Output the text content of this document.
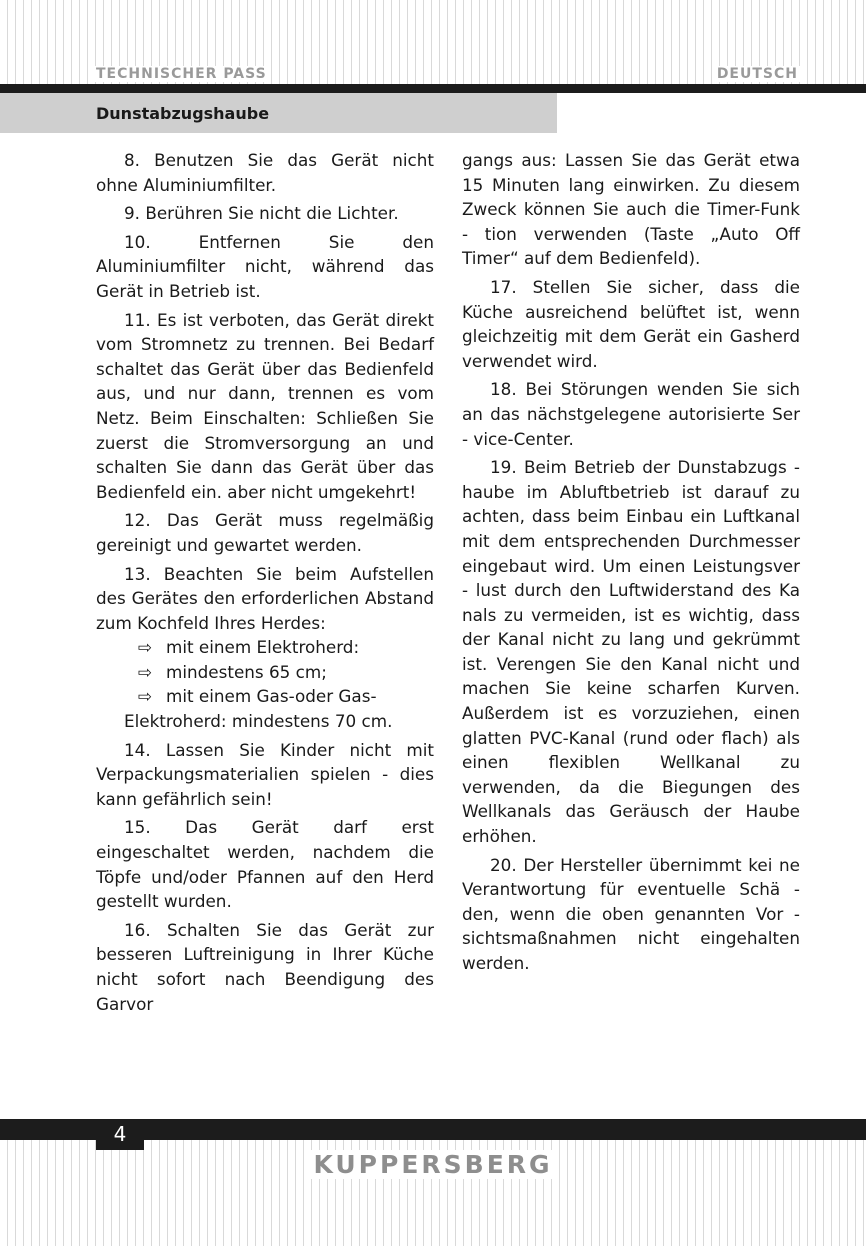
TECHNISCHER PASS	DEUTSCH
Dunstabzugshaube

8. Benutzen Sie das Gerät nicht ohne Aluminiumfilter.

9. Berühren Sie nicht die Lichter.

10. Entfernen Sie den Aluminiumfilter nicht, während das Gerät in Betrieb ist.

11. Es ist verboten, das Gerät direkt vom Stromnetz zu trennen. Bei Bedarf schaltet das Gerät über das Bedienfeld aus, und nur dann, trennen es vom Netz. Beim Einschalten: Schließen Sie zuerst die Stromversorgung an und schalten Sie dann das Gerät über das Bedienfeld ein. aber nicht umgekehrt!

12. Das Gerät muss regelmäßig gereinigt und gewartet werden.

13. Beachten Sie beim Aufstellen des Gerätes den erforderlichen Abstand zum Kochfeld Ihres Herdes:

⇨ mit einem Elektroherd:

⇨ mindestens 65 cm;

⇨ mit einem Gas-oder Gas-

Elektroherd: mindestens 70 cm.

14. Lassen Sie Kinder nicht mit Verpackungsmaterialien spielen - dies kann gefährlich sein!

15. Das Gerät darf erst eingeschaltet werden, nachdem die Töpfe und/oder Pfannen auf den Herd gestellt wurden.

16. Schalten Sie das Gerät zur besseren Luftreinigung in Ihrer Küche nicht sofort nach Beendigung des Garvor

gangs aus: Lassen Sie das Gerät etwa 15 Minuten lang einwirken. Zu diesem Zweck können Sie auch die Timer-Funk - tion verwenden (Taste „Auto Off Timer“ auf dem Bedienfeld).

17. Stellen Sie sicher, dass die Küche ausreichend belüftet ist, wenn gleichzeitig mit dem Gerät ein Gasherd verwendet wird.

18. Bei Störungen wenden Sie sich an das nächstgelegene autorisierte Ser - vice-Center.

19. Beim Betrieb der Dunstabzugs - haube im Abluftbetrieb ist darauf zu achten, dass beim Einbau ein Luftkanal mit dem entsprechenden Durchmesser eingebaut wird. Um einen Leistungsver - lust durch den Luftwiderstand des Ka nals zu vermeiden, ist es wichtig, dass der Kanal nicht zu lang und gekrümmt ist. Verengen Sie den Kanal nicht und machen Sie keine scharfen Kurven. Außerdem ist es vorzuziehen, einen glatten PVC-Kanal (rund oder flach) als einen flexiblen Wellkanal zu verwenden, da die Biegungen des Wellkanals das Geräusch der Haube erhöhen.

20. Der Hersteller übernimmt kei ne Verantwortung für eventuelle Schä - den, wenn die oben genannten Vor - sichtsmaßnahmen nicht eingehalten werden.

4
KUPPERSBERG
